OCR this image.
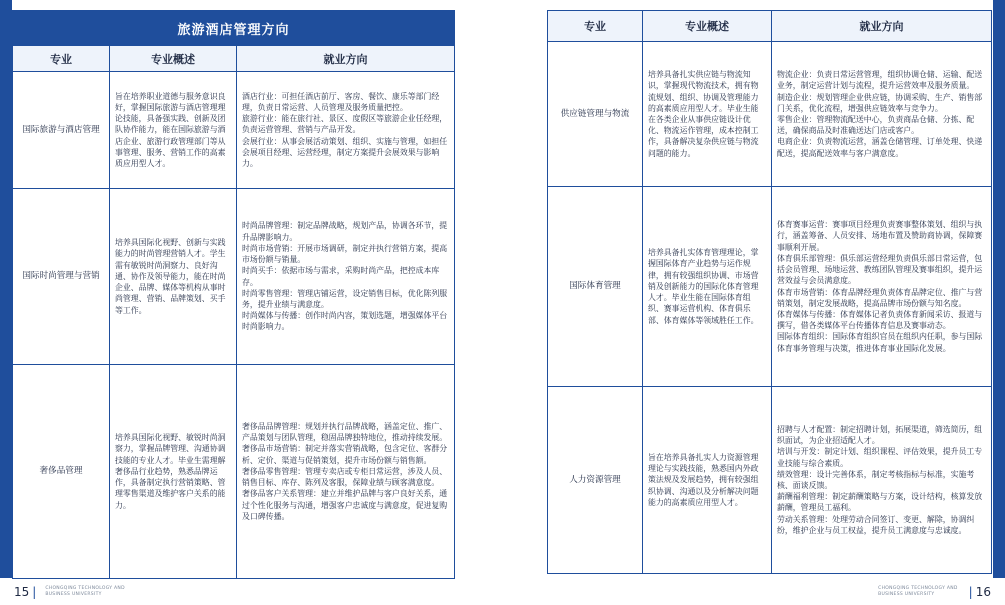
旅游酒店管理方向		
专业	专业概述	就业方向
国际旅游与酒店管理	旨在培养职业道德与服务意识良好，掌握国际旅游与酒店管理理论技能，具备强实践、创新及团队协作能力，能在国际旅游与酒店企业、旅游行政管理部门等从事管理、服务、营销工作的高素质应用型人才。	酒店行业：可担任酒店前厅、客房、餐饮、康乐等部门经理，负责日常运营、人员管理及服务质量把控。
旅游行业：能在旅行社、景区、度假区等旅游企业任经理，负责运营管理、营销与产品开发。
会展行业：从事会展活动策划、组织、实施与管理，如担任会展项目经理、运营经理，制定方案提升会展效果与影响力。
国际时尚管理与营销	培养具国际化视野、创新与实践能力的时尚管理营销人才。学生需有敏锐时尚洞察力、良好沟通、协作及领导能力，能在时尚企业、品牌、媒体等机构从事时尚管理、营销、品牌策划、买手等工作。	时尚品牌管理：制定品牌战略，规划产品，协调各环节，提升品牌影响力。
时尚市场营销：开展市场调研，制定并执行营销方案，提高市场份额与销量。
时尚买手：依据市场与需求，采购时尚产品，把控成本库存。
时尚零售管理：管理店铺运营，设定销售目标，优化陈列服务，提升业绩与满意度。
时尚媒体与传播：创作时尚内容，策划选题，增强媒体平台时尚影响力。
奢侈品管理	培养具国际化视野、敏锐时尚洞察力，掌握品牌管理、沟通协调技能的专业人才。毕业生需理解奢侈品行业趋势，熟悉品牌运作，具备制定执行营销策略、管理零售渠道及维护客户关系的能力。	奢侈品品牌管理：规划并执行品牌战略，涵盖定位、推广、产品策划与团队管理，稳固品牌独特地位，推动持续发展。
奢侈品市场营销：制定并落实营销战略，包含定位、客群分析、定价、渠道与促销策划，提升市场份额与销售额。
奢侈品零售管理：管理专卖店或专柜日常运营，涉及人员、销售目标、库存、陈列及客服，保障业绩与顾客满意度。
奢侈品客户关系管理：建立并维护品牌与客户良好关系，通过个性化服务与沟通，增强客户忠诚度与满意度，促进复购及口碑传播。
15 |	CHONGQING TECHNOLOGY AND
BUSINESS UNIVERSITY
专业	专业概述	就业方向
供应链管理与物流	培养具备扎实供应链与物流知识，掌握现代物流技术，拥有物流规划、组织、协调及管理能力的高素质应用型人才。毕业生能在各类企业从事供应链设计优化、物流运作管理，成本控制工作，具备解决复杂供应链与物流问题的能力。	物流企业：负责日常运营管理，组织协调仓储、运输、配送业务，制定运营计划与流程，提升运营效率及服务质量。
制造企业：规划管理企业供应链，协调采购、生产、销售部门关系，优化流程，增强供应链效率与竞争力。
零售企业：管理物流配送中心，负责商品仓储、分拣、配送，确保商品及时准确送达门店或客户。
电商企业：负责物流运营，涵盖仓储管理、订单处理、快递配送，提高配送效率与客户满意度。
国际体育管理	培养具备扎实体育管理理论，掌握国际体育产业趋势与运作规律，拥有较强组织协调、市场营销及创新能力的国际化体育管理人才。毕业生能在国际体育组织、赛事运营机构、体育俱乐部、体育媒体等领域胜任工作。	体育赛事运营：赛事项目经理负责赛事整体策划、组织与执行，涵盖筹备、人员安排、场地布置及赞助商协调，保障赛事顺利开展。
体育俱乐部管理：俱乐部运营经理负责俱乐部日常运营，包括会员管理、场地运营、教练团队管理及赛事组织，提升运营效益与会员满意度。
体育市场营销：体育品牌经理负责体育品牌定位、推广与营销策划，制定发展战略，提高品牌市场份额与知名度。
体育媒体与传播：体育媒体记者负责体育新闻采访、报道与撰写，借各类媒体平台传播体育信息及赛事动态。
国际体育组织：国际体育组织官员在组织内任职，参与国际体育事务管理与决策，推进体育事业国际化发展。
人力资源管理	旨在培养具备扎实人力资源管理理论与实践技能，熟悉国内外政策法规及发展趋势，拥有较强组织协调、沟通以及分析解决问题能力的高素质应用型人才。	招聘与人才配置：制定招聘计划，拓展渠道，筛选简历，组织面试，为企业招适配人才。
培训与开发：制定计划、组织课程、评估效果，提升员工专业技能与综合素质。
绩效管理：设计完善体系，制定考核指标与标准，实施考核、面谈反馈。
薪酬福利管理：制定薪酬策略与方案，设计结构，核算发放薪酬，管理员工福利。
劳动关系管理：处理劳动合同签订、变更、解除，协调纠纷，维护企业与员工权益，提升员工满意度与忠诚度。
CHONGQING TECHNOLOGY AND
BUSINESS UNIVERSITY	| 16
